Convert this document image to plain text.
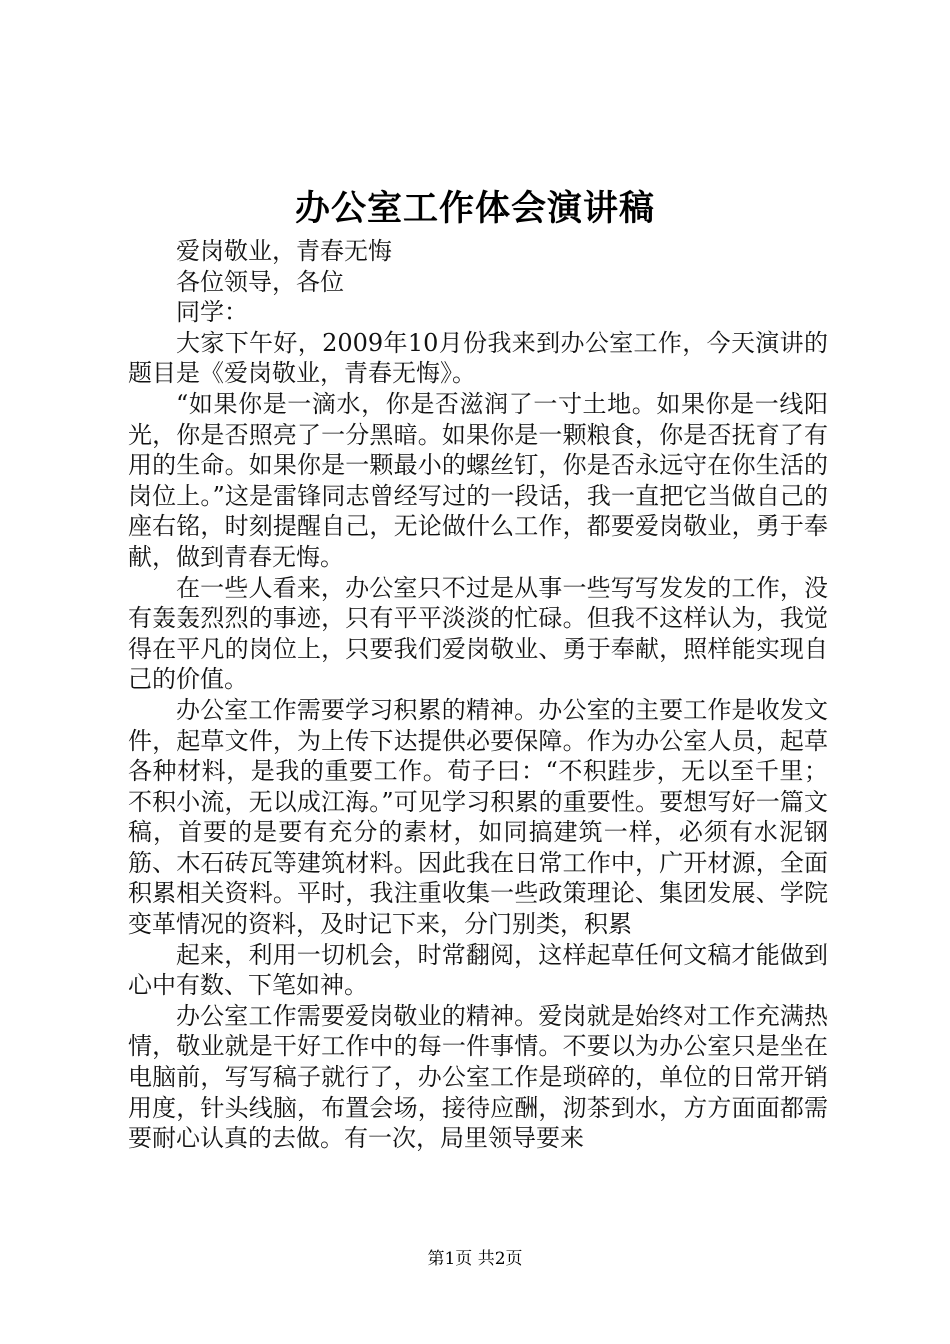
办公室工作体会演讲稿

爱岗敬业，青春无悔

各位领导，各位

同学：

大家下午好，2009年10月份我来到办公室工作，今天演讲的题目是《爱岗敬业，青春无悔》。

“如果你是一滴水，你是否滋润了一寸土地。如果你是一线阳光，你是否照亮了一分黑暗。如果你是一颗粮食，你是否抚育了有用的生命。如果你是一颗最小的螺丝钉，你是否永远守在你生活的岗位上。”这是雷锋同志曾经写过的一段话，我一直把它当做自己的座右铭，时刻提醒自己，无论做什么工作，都要爱岗敬业，勇于奉献，做到青春无悔。

在一些人看来，办公室只不过是从事一些写写发发的工作，没有轰轰烈烈的事迹，只有平平淡淡的忙碌。但我不这样认为，我觉得在平凡的岗位上，只要我们爱岗敬业、勇于奉献，照样能实现自己的价值。

办公室工作需要学习积累的精神。办公室的主要工作是收发文件，起草文件，为上传下达提供必要保障。作为办公室人员，起草各种材料，是我的重要工作。荀子曰：“不积跬步，无以至千里；不积小流，无以成江海。”可见学习积累的重要性。要想写好一篇文稿，首要的是要有充分的素材，如同搞建筑一样，必须有水泥钢筋、木石砖瓦等建筑材料。因此我在日常工作中，广开材源，全面积累相关资料。平时，我注重收集一些政策理论、集团发展、学院变革情况的资料，及时记下来，分门别类，积累

起来，利用一切机会，时常翻阅，这样起草任何文稿才能做到心中有数、下笔如神。

办公室工作需要爱岗敬业的精神。爱岗就是始终对工作充满热情，敬业就是干好工作中的每一件事情。不要以为办公室只是坐在电脑前，写写稿子就行了，办公室工作是琐碎的，单位的日常开销用度，针头线脑，布置会场，接待应酬，沏茶到水，方方面面都需要耐心认真的去做。有一次，局里领导要来

第1页 共2页
